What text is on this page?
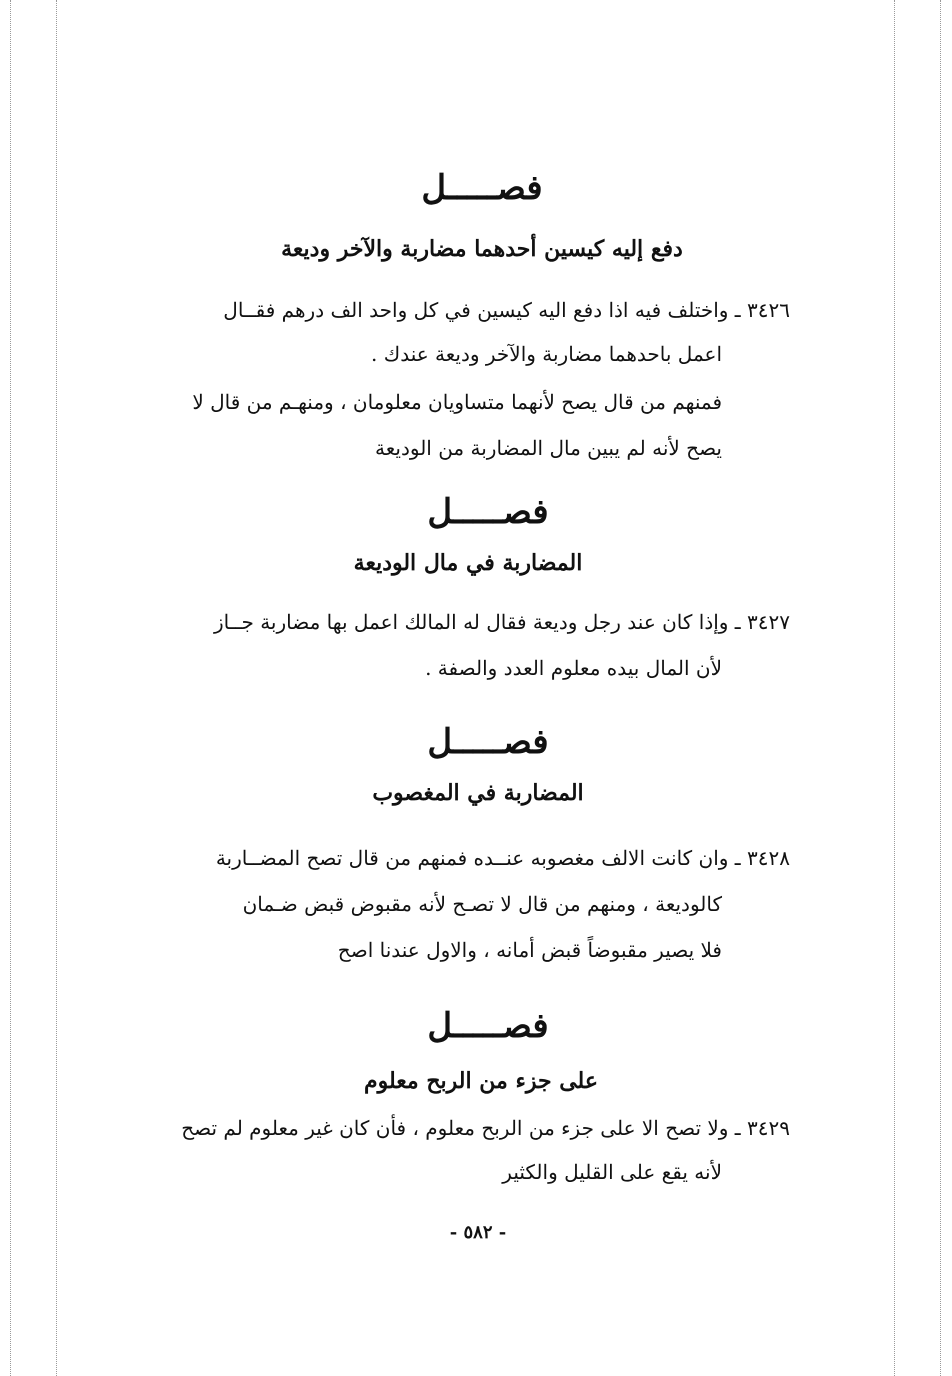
فصـــــل
دفع إليه كيسين أحدهما مضاربة والآخر وديعة
٣٤٢٦ ـ واختلف فيه اذا دفع اليه كيسين في كل واحد الف درهم فقــال
اعمل باحدهما مضاربة والآخر وديعة عندك .
فمنهم من قال يصح لأنهما متساويان معلومان ، ومنهـم من قال لا
يصح لأنه لم يبين مال المضاربة من الوديعة
فصـــــل
المضاربة في مال الوديعة
٣٤٢٧ ـ وإذا كان عند رجل وديعة فقال له المالك اعمل بها مضاربة جــاز
لأن المال بيده معلوم العدد والصفة .
فصـــــل
المضاربة في المغصوب
٣٤٢٨ ـ وان كانت الالف مغصوبه عنــده فمنهم من قال تصح المضــاربة
كالوديعة ، ومنهم من قال لا تصـح لأنه مقبوض قبض ضـمان
فلا يصير مقبوضاً قبض أمانه ، والاول عندنا اصح
فصـــــل
على جزء من الربح معلوم
٣٤٢٩ ـ ولا تصح الا على جزء من الربح معلوم ، فأن كان غير معلوم لم تصح
لأنه يقع على القليل والكثير
- ٥٨٢ -
